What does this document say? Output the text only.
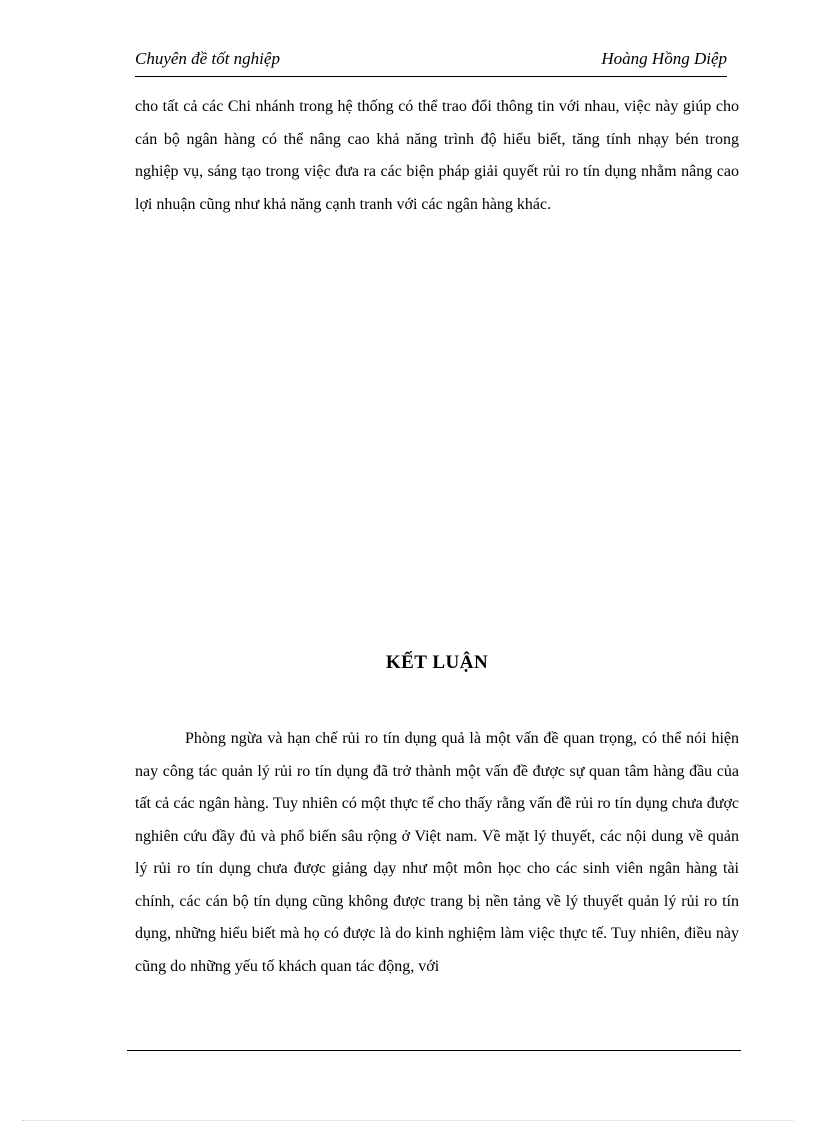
Chuyên đề tốt nghiệp	Hoàng Hồng Diệp

cho tất cả các Chi nhánh trong hệ thống có thể trao đổi thông tin với nhau, việc này giúp cho cán bộ ngân hàng có thể nâng cao khả năng trình độ hiểu biết, tăng tính nhạy bén trong nghiệp vụ, sáng tạo trong việc đưa ra các biện pháp giải quyết rủi ro tín dụng nhằm nâng cao lợi nhuận cũng như khả năng cạnh tranh với các ngân hàng khác.

KẾT LUẬN

Phòng ngừa và hạn chế rủi ro tín dụng quả là một vấn đề quan trọng, có thể nói hiện nay công tác quản lý rủi ro tín dụng đã trở thành một vấn đề được sự quan tâm hàng đầu của tất cả các ngân hàng. Tuy nhiên có một thực tế cho thấy rằng vấn đề rủi ro tín dụng chưa được nghiên cứu đầy đủ và phổ biến sâu rộng ở Việt nam. Về mặt lý thuyết, các nội dung về quản lý rủi ro tín dụng chưa được giảng dạy như một môn học cho các sinh viên ngân hàng tài chính, các cán bộ tín dụng cũng không được trang bị nền tảng về lý thuyết quản lý rủi ro tín dụng, những hiểu biết mà họ có được là do kinh nghiệm làm việc thực tế. Tuy nhiên, điều này cũng do những yếu tố khách quan tác động, với
